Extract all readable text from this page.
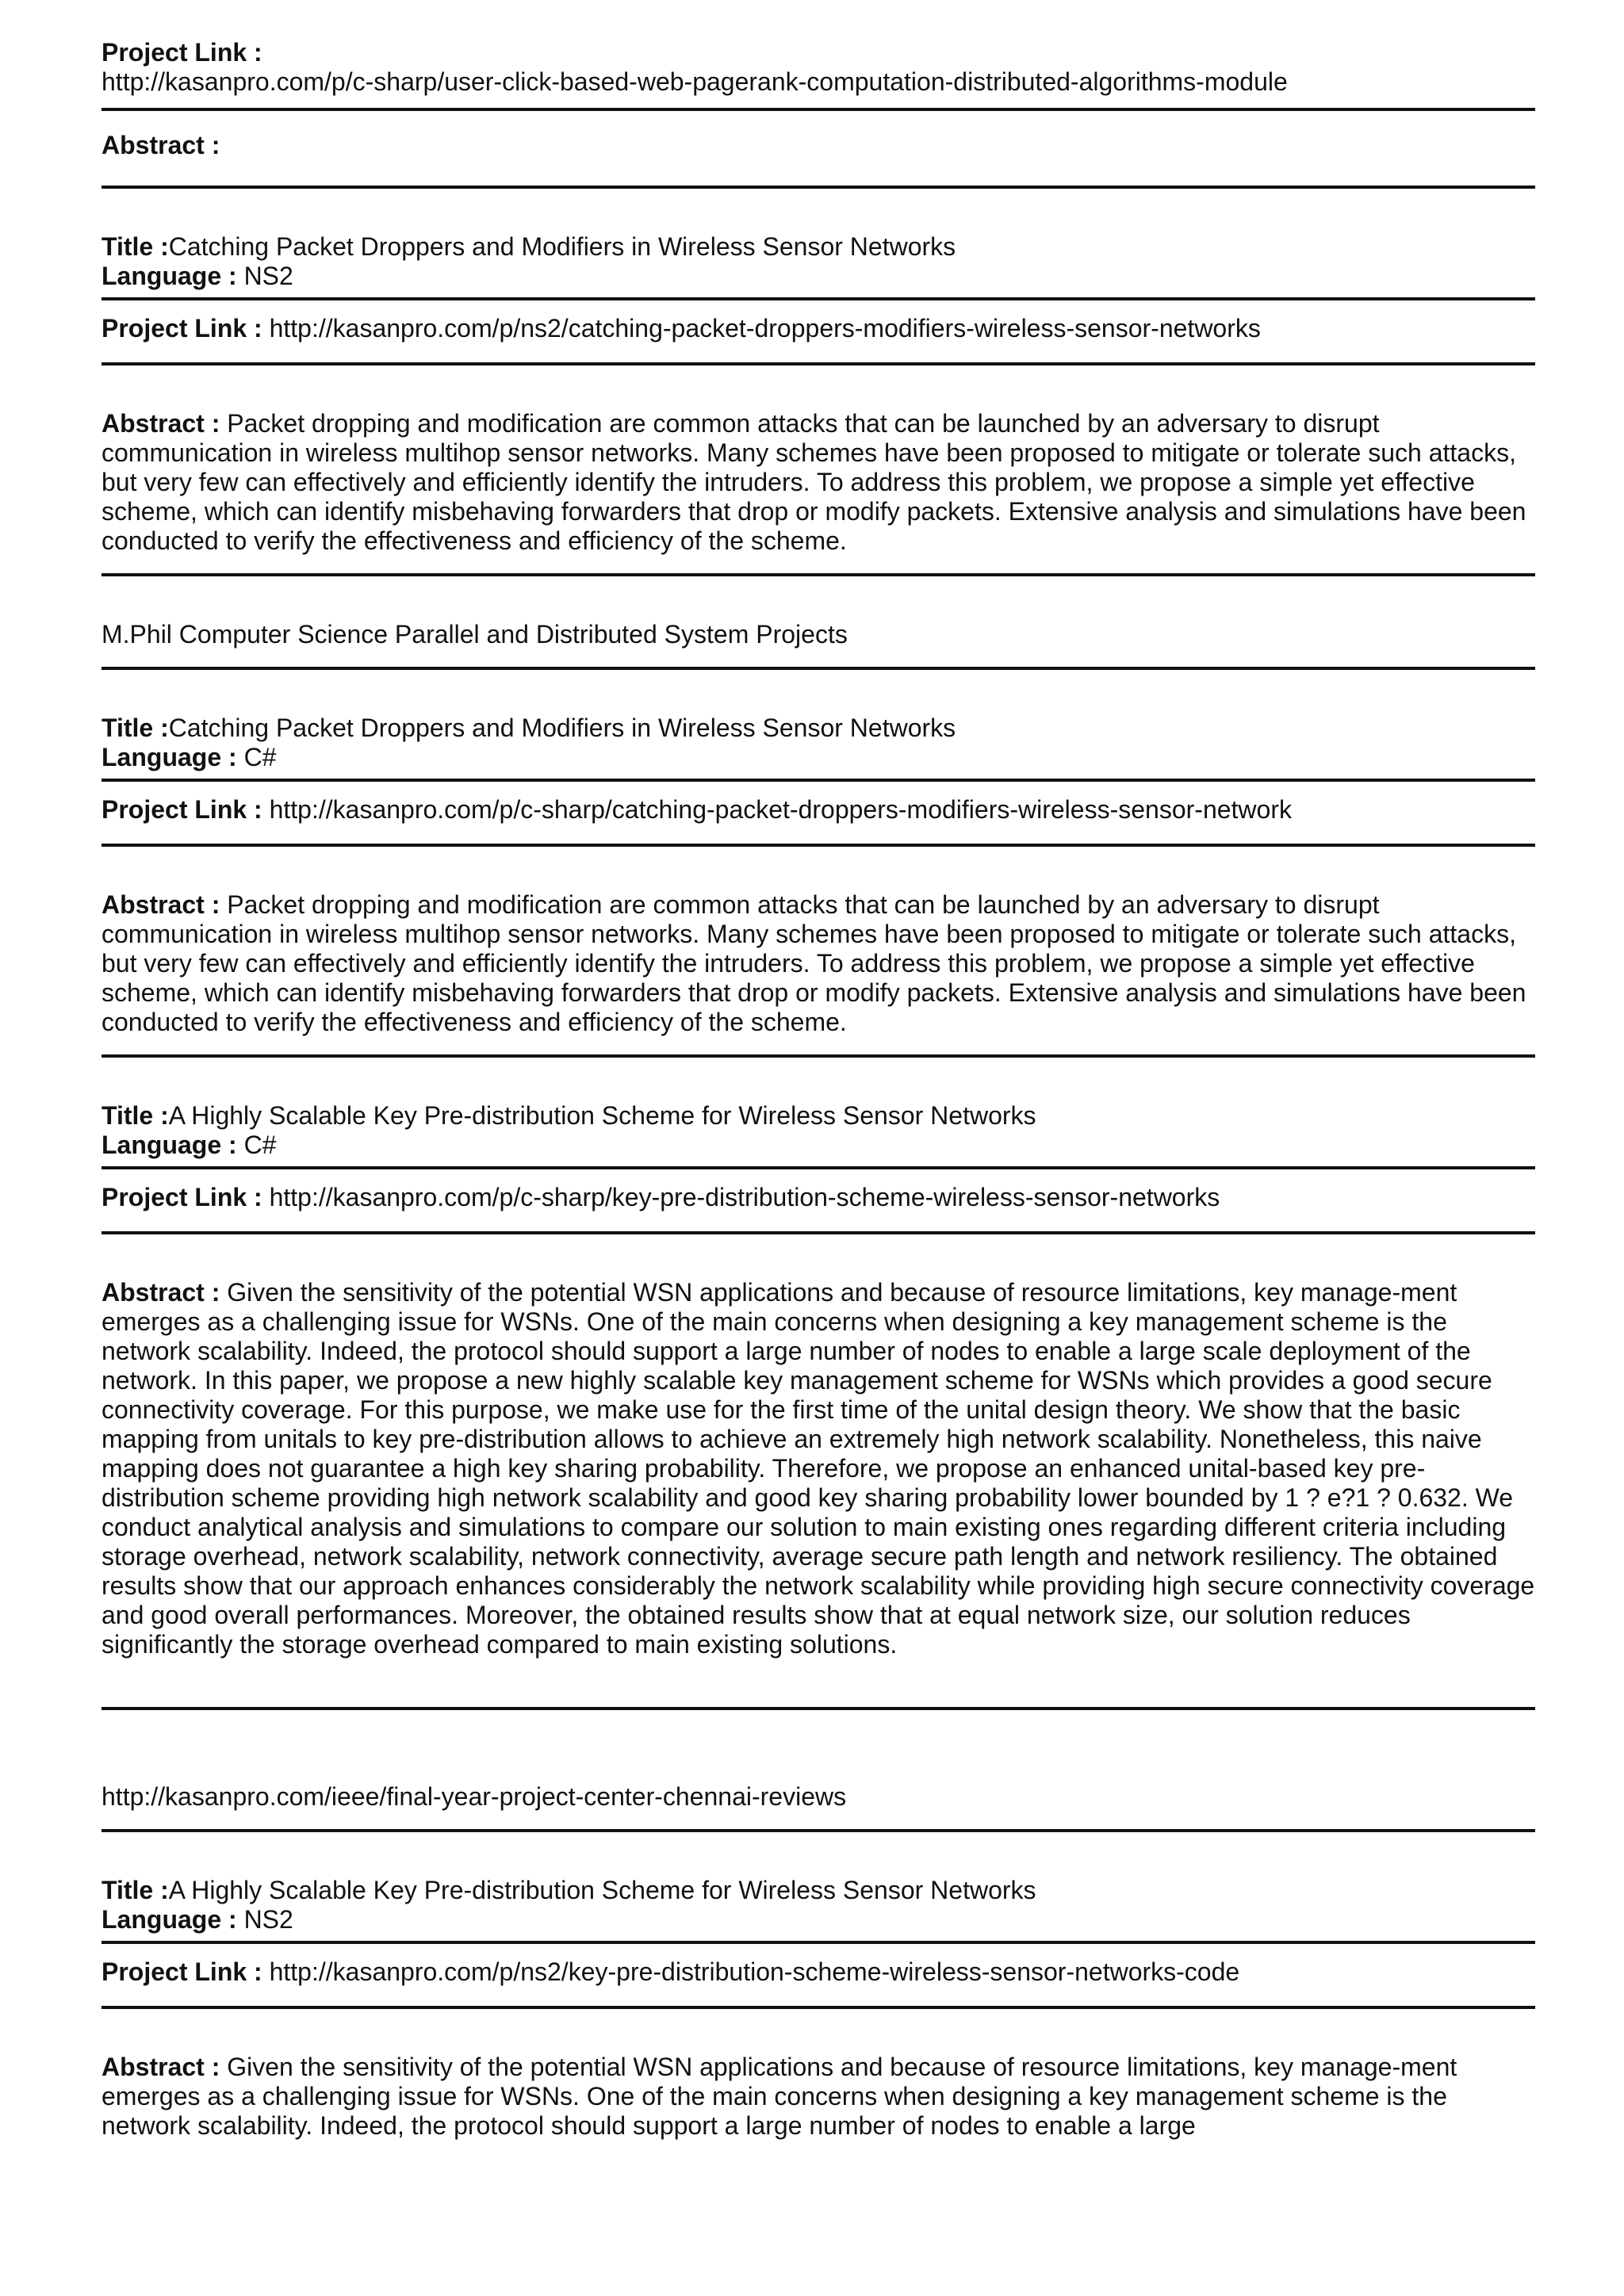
Project Link :
http://kasanpro.com/p/c-sharp/user-click-based-web-pagerank-computation-distributed-algorithms-module
Abstract :
Title :Catching Packet Droppers and Modifiers in Wireless Sensor Networks
Language : NS2
Project Link : http://kasanpro.com/p/ns2/catching-packet-droppers-modifiers-wireless-sensor-networks
Abstract : Packet dropping and modification are common attacks that can be launched by an adversary to disrupt communication in wireless multihop sensor networks. Many schemes have been proposed to mitigate or tolerate such attacks, but very few can effectively and efficiently identify the intruders. To address this problem, we propose a simple yet effective scheme, which can identify misbehaving forwarders that drop or modify packets. Extensive analysis and simulations have been conducted to verify the effectiveness and efficiency of the scheme.
M.Phil Computer Science Parallel and Distributed System Projects
Title :Catching Packet Droppers and Modifiers in Wireless Sensor Networks
Language : C#
Project Link : http://kasanpro.com/p/c-sharp/catching-packet-droppers-modifiers-wireless-sensor-network
Abstract : Packet dropping and modification are common attacks that can be launched by an adversary to disrupt communication in wireless multihop sensor networks. Many schemes have been proposed to mitigate or tolerate such attacks, but very few can effectively and efficiently identify the intruders. To address this problem, we propose a simple yet effective scheme, which can identify misbehaving forwarders that drop or modify packets. Extensive analysis and simulations have been conducted to verify the effectiveness and efficiency of the scheme.
Title :A Highly Scalable Key Pre-distribution Scheme for Wireless Sensor Networks
Language : C#
Project Link : http://kasanpro.com/p/c-sharp/key-pre-distribution-scheme-wireless-sensor-networks
Abstract : Given the sensitivity of the potential WSN applications and because of resource limitations, key manage-ment emerges as a challenging issue for WSNs. One of the main concerns when designing a key management scheme is the network scalability. Indeed, the protocol should support a large number of nodes to enable a large scale deployment of the network. In this paper, we propose a new highly scalable key management scheme for WSNs which provides a good secure connectivity coverage. For this purpose, we make use for the first time of the unital design theory. We show that the basic mapping from unitals to key pre-distribution allows to achieve an extremely high network scalability. Nonetheless, this naive mapping does not guarantee a high key sharing probability. Therefore, we propose an enhanced unital-based key pre-distribution scheme providing high network scalability and good key sharing probability lower bounded by 1 ? e?1 ? 0.632. We conduct analytical analysis and simulations to compare our solution to main existing ones regarding different criteria including storage overhead, network scalability, network connectivity, average secure path length and network resiliency. The obtained results show that our approach enhances considerably the network scalability while providing high secure connectivity coverage and good overall performances. Moreover, the obtained results show that at equal network size, our solution reduces significantly the storage overhead compared to main existing solutions.
http://kasanpro.com/ieee/final-year-project-center-chennai-reviews
Title :A Highly Scalable Key Pre-distribution Scheme for Wireless Sensor Networks
Language : NS2
Project Link : http://kasanpro.com/p/ns2/key-pre-distribution-scheme-wireless-sensor-networks-code
Abstract : Given the sensitivity of the potential WSN applications and because of resource limitations, key manage-ment emerges as a challenging issue for WSNs. One of the main concerns when designing a key management scheme is the network scalability. Indeed, the protocol should support a large number of nodes to enable a large
